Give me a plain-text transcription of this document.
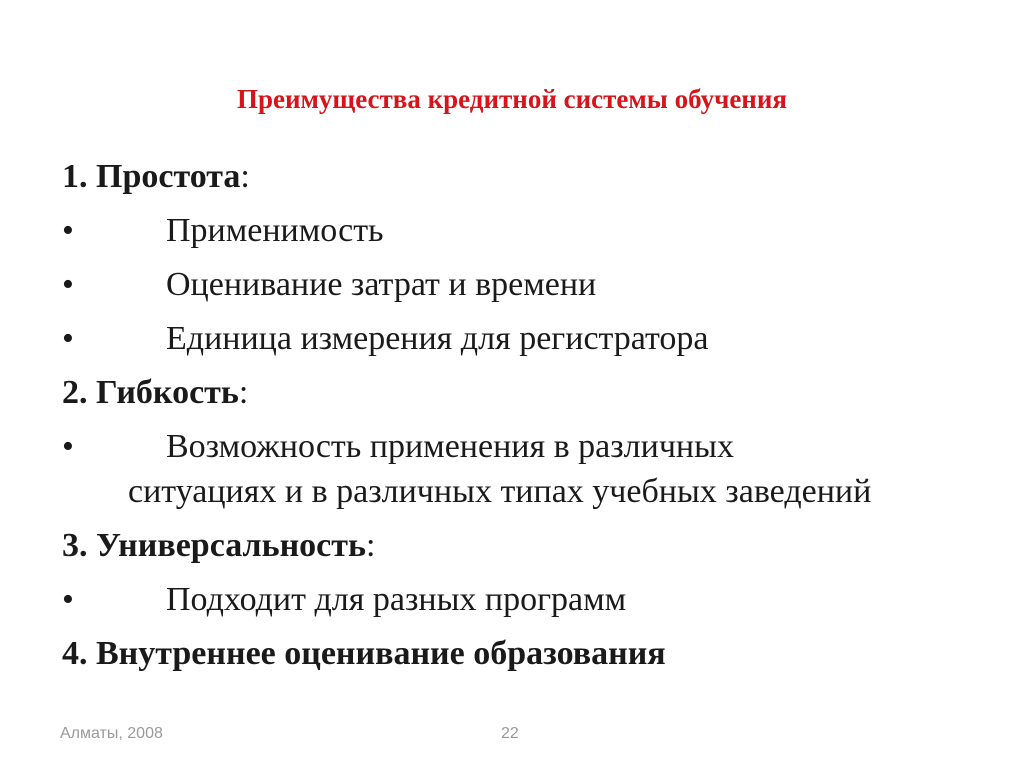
Преимущества кредитной системы обучения
1. Простота:
•	Применимость
•	Оценивание затрат и времени
•	Единица измерения для регистратора
2. Гибкость:
•	Возможность применения в различных ситуациях и в различных типах учебных заведений
3. Универсальность:
•	Подходит для разных программ
4. Внутреннее оценивание образования
Алматы, 2008	22
